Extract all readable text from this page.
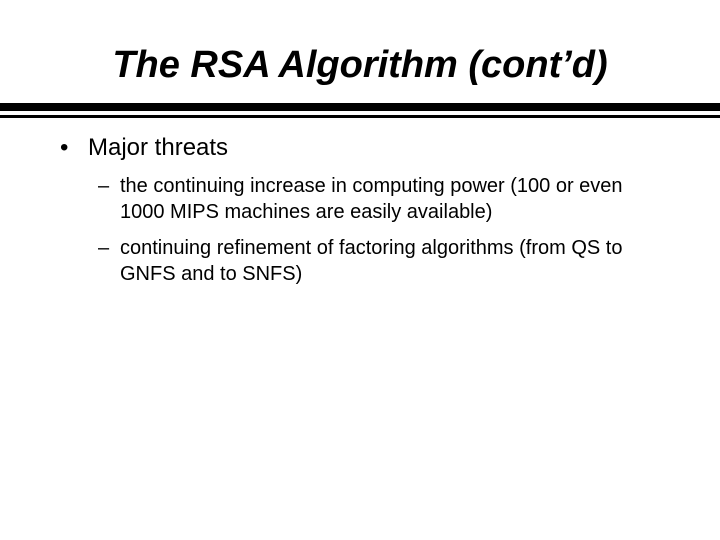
The RSA Algorithm (cont’d)
• Major threats
– the continuing increase in computing power (100 or even 1000 MIPS machines are easily available)
– continuing refinement of factoring algorithms (from QS to GNFS and to SNFS)
